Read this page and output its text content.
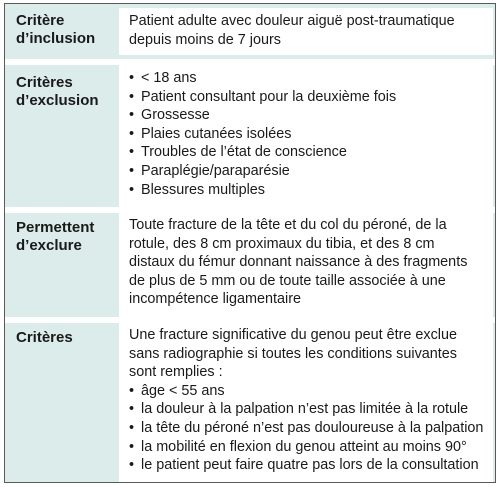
Critère
d’inclusion

Patient adulte avec douleur aiguë post-traumatique

depuis moins de 7 jours

Critères
d’exclusion
• < 18 ans
• Patient consultant pour la deuxième fois
• Grossesse
• Plaies cutanées isolées
• Troubles de l’état de conscience
• Paraplégie/paraparésie
• Blessures multiples
Permettent
d’exclure

Toute fracture de la tête et du col du péroné, de la

rotule, des 8 cm proximaux du tibia, et des 8 cm

distaux du fémur donnant naissance à des fragments

de plus de 5 mm ou de toute taille associée à une

incompétence ligamentaire

Critères	Une fracture significative du genou peut être exclue

sans radiographie si toutes les conditions suivantes

sont remplies :

• âge < 55 ans
• la douleur à la palpation n’est pas limitée à la rotule
• la tête du péroné n’est pas douloureuse à la palpation
• la mobilité en flexion du genou atteint au moins 90°
• le patient peut faire quatre pas lors de la consultation
